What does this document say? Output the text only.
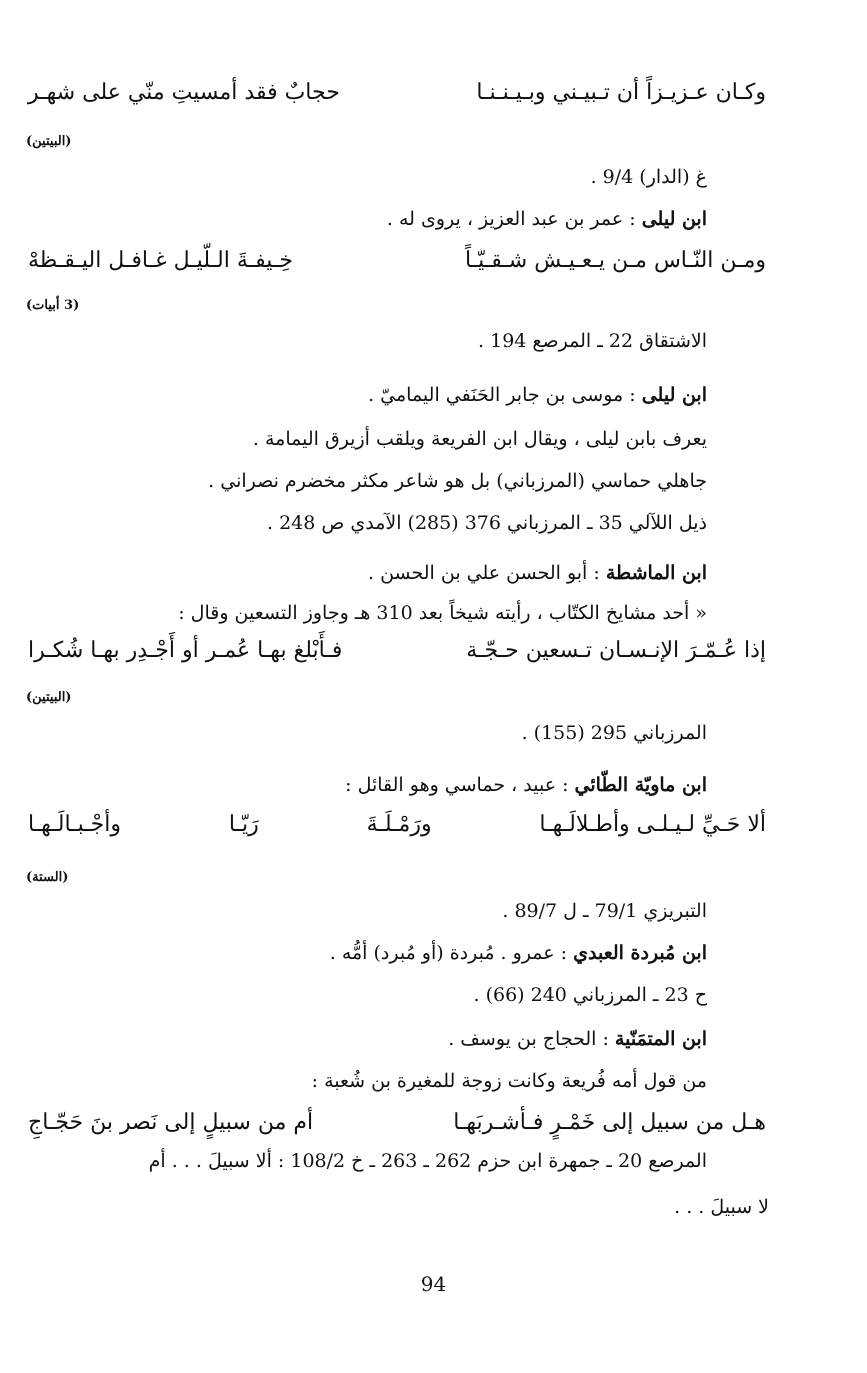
وكـان عـزيـزاً أن تـبيـني وبـيـنـنـا
حجابٌ فقد أمسيتِ منّي على شهـر
(البيتين)
غ (الدار) 9/4 .
ابن ليلى : عمر بن عبد العزيز ، يروى له .
ومـن النّـاس مـن يـعـيـش شـقـيّـاً
خِـيفـةَ الـلّيـل غـافـل اليـقـظهْ
(3 أبيات)
الاشتقاق 22 ـ المرصع 194 .
ابن ليلى : موسى بن جابر الحَنَفي اليماميّ .
يعرف بابن ليلى ، ويقال ابن الفريعة ويلقب أزيرق اليمامة .
جاهلي حماسي (المرزباني) بل هو شاعر مكثر مخضرم نصراني .
ذيل اللآلي 35 ـ المرزباني 376 (285) الآمدي ص 248 .
ابن الماشطة : أبو الحسن علي بن الحسن .
« أحد مشايخ الكتّاب ، رأيته شيخاً بعد 310 هـ وجاوز التسعين وقال :
إذا عُـمّـرَ الإنـسـان تـسعين حـجّـة
فـأَبْلغ بهـا عُمـر أو أَجْـدِر بهـا شُكـرا
(البيتين)
المرزباني 295 (155) .
ابن ماويّة الطّائي : عبيد ، حماسي وهو القائل :
ألا حَـيِّ لـيـلـى وأطـلالَـهـا
ورَمْـلَـةَ
رَيّـا
وأجْـبـالَـهـا
(الستة)
التبريزي 79/1 ـ ل 89/7 .
ابن مُبردة العبدي : عمرو . مُبردة (أو مُبرد) أمُّه .
ح 23 ـ المرزباني 240 (66) .
ابن المتمَنّية : الحجاج بن يوسف .
من قول أمه فُريعة وكانت زوجة للمغيرة بن شُعبة :
هـل من سبيل إلى خَمْـرٍ فـأشـربَهـا
أم من سبيلٍ إلى نَصر بنَ حَجّـاجِ
المرصع 20 ـ جمهرة ابن حزم 262 ـ 263 ـ خ 108/2 : ألا سبيلَ . . . أم
لا سبيلَ . . .
94
